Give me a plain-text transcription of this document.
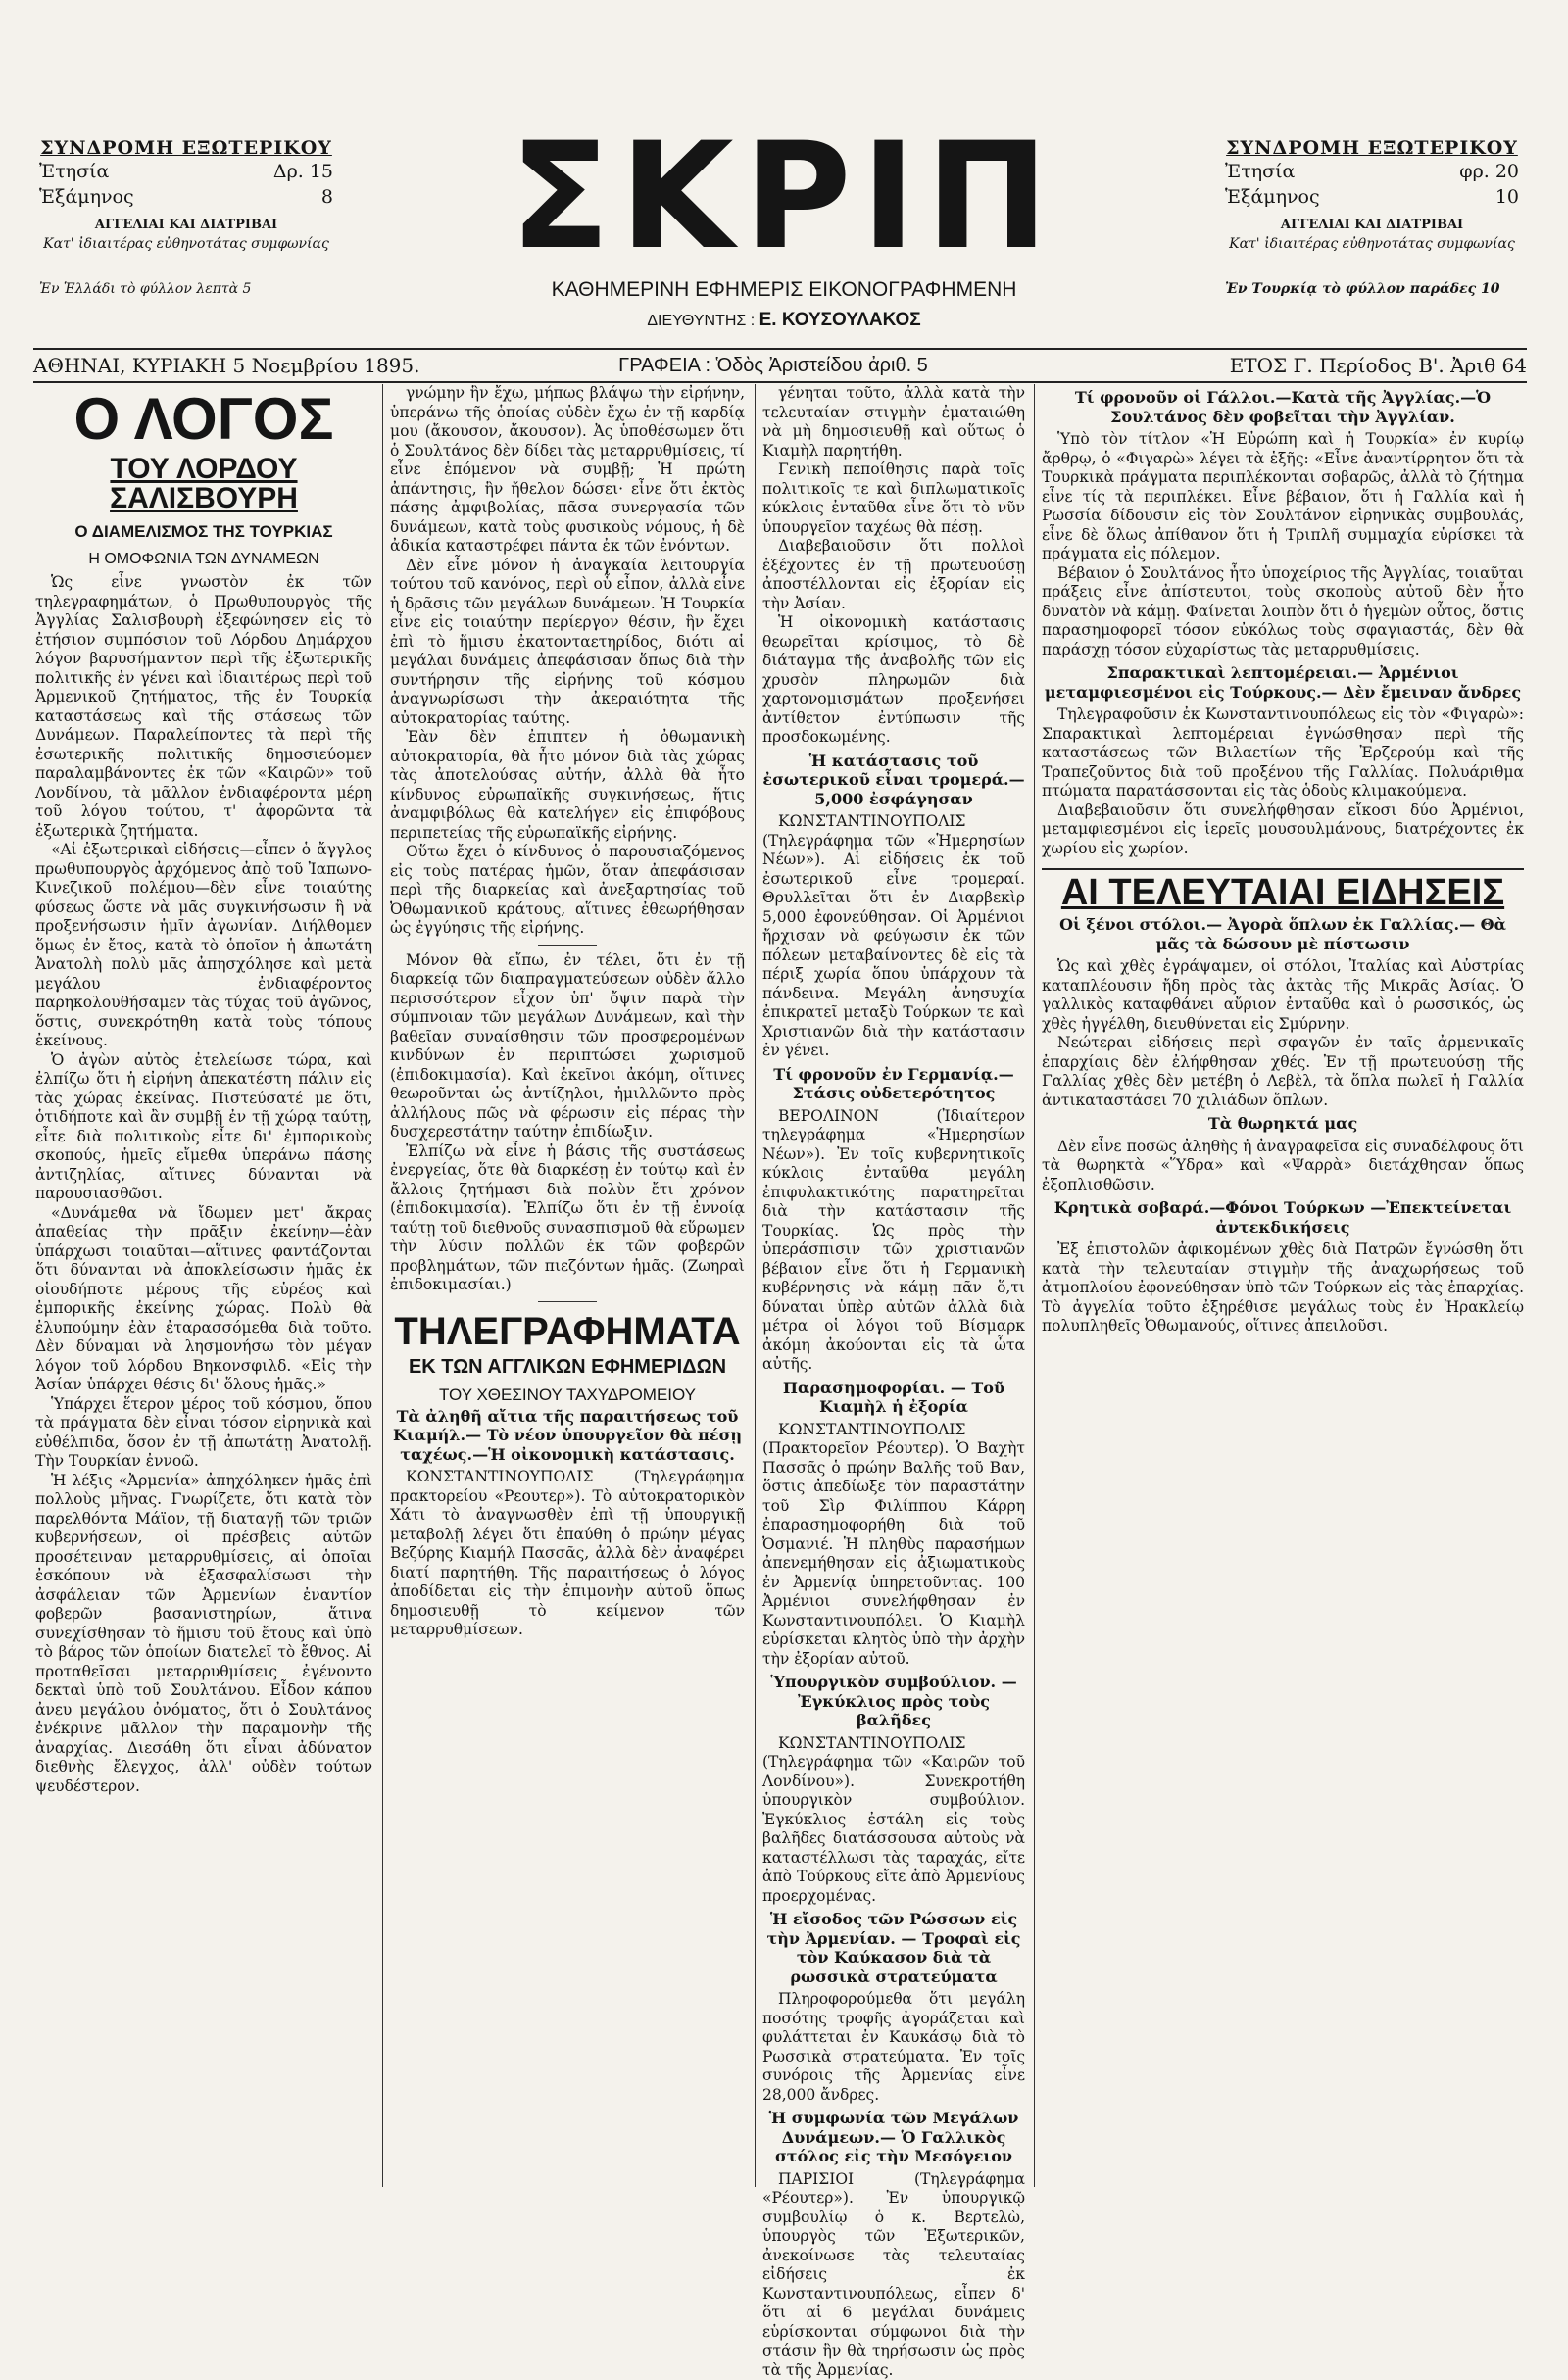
ΣΥΝΔΡΟΜΗ ΕΞΩΤΕΡΙΚΟΥ
Ἐτησία	Δρ. 15
Ἑξάμηνος	8
ΑΓΓΕΛΙΑΙ ΚΑΙ ΔΙΑΤΡΙΒΑΙ
Κατ' ἰδιαιτέρας εὐθηνοτάτας συμφωνίας
Ἐν Ἑλλάδι τὸ φύλλον λεπτὰ 5
ΣΚΡΙΠ
ΚΑΘΗΜΕΡΙΝΗ ΕΦΗΜΕΡΙΣ ΕΙΚΟΝΟΓΡΑΦΗΜΕΝΗ
ΔΙΕΥΘΥΝΤΗΣ : Ε. ΚΟΥΣΟΥΛΑΚΟΣ
ΣΥΝΔΡΟΜΗ ΕΞΩΤΕΡΙΚΟΥ
Ἐτησία	φρ. 20
Ἑξάμηνος	10
ΑΓΓΕΛΙΑΙ ΚΑΙ ΔΙΑΤΡΙΒΑΙ
Κατ' ἰδιαιτέρας εὐθηνοτάτας συμφωνίας
Ἐν Τουρκίᾳ τὸ φύλλον παράδες 10
ΑΘΗΝΑΙ, ΚΥΡΙΑΚΗ 5 Νοεμβρίου 1895.	ΓΡΑΦΕΙΑ : Ὁδὸς Ἀριστείδου ἀριθ. 5	ΕΤΟΣ Γ. Περίοδος Β'. Ἀριθ 64
Ο ΛΟΓΟΣ
ΤΟΥ ΛΟΡΔΟΥ ΣΑΛΙΣΒΟΥΡΗ
Ο ΔΙΑΜΕΛΙΣΜΟΣ ΤΗΣ ΤΟΥΡΚΙΑΣ
Η ΟΜΟΦΩΝΙΑ ΤΩΝ ΔΥΝΑΜΕΩΝ

Ὡς εἶνε γνωστὸν ἐκ τῶν τηλεγραφημάτων, ὁ Πρωθυπουργὸς τῆς Ἀγγλίας Σαλισβουρὴ ἐξεφώνησεν εἰς τὸ ἐτήσιον συμπόσιον τοῦ Λόρδου Δημάρχου λόγον βαρυσήμαντον περὶ τῆς ἐξωτερικῆς πολιτικῆς ἐν γένει καὶ ἰδιαιτέρως περὶ τοῦ Ἀρμενικοῦ ζητήματος, τῆς ἐν Τουρκίᾳ καταστάσεως καὶ τῆς στάσεως τῶν Δυνάμεων. Παραλείποντες τὰ περὶ τῆς ἐσωτερικῆς πολιτικῆς δημοσιεύομεν παραλαμβάνοντες ἐκ τῶν «Καιρῶν» τοῦ Λονδίνου, τὰ μᾶλλον ἐνδιαφέροντα μέρη τοῦ λόγου τούτου, τ' ἀφορῶντα τὰ ἐξωτερικὰ ζητήματα.

«Αἱ ἐξωτερικαὶ εἰδήσεις—εἶπεν ὁ ἄγγλος πρωθυπουργὸς ἀρχόμενος ἀπὸ τοῦ Ἰαπωνο-Κινεζικοῦ πολέμου—δὲν εἶνε τοιαύτης φύσεως ὥστε νὰ μᾶς συγκινήσωσιν ἢ νὰ προξενήσωσιν ἡμῖν ἀγωνίαν. Διήλθομεν ὅμως ἐν ἔτος, κατὰ τὸ ὁποῖον ἡ ἀπωτάτη Ἀνατολὴ πολὺ μᾶς ἀπησχόλησε καὶ μετὰ μεγάλου ἐνδιαφέροντος παρηκολουθήσαμεν τὰς τύχας τοῦ ἀγῶνος, ὅστις, συνεκρότηθη κατὰ τοὺς τόπους ἐκείνους.

Ὁ ἀγὼν αὐτὸς ἐτελείωσε τώρα, καὶ ἐλπίζω ὅτι ἡ εἰρήνη ἀπεκατέστη πάλιν εἰς τὰς χώρας ἐκείνας. Πιστεύσατέ με ὅτι, ὁτιδήποτε καὶ ἂν συμβῇ ἐν τῇ χώρᾳ ταύτῃ, εἶτε διὰ πολιτικοὺς εἶτε δι' ἐμπορικοὺς σκοπούς, ἡμεῖς εἴμεθα ὑπεράνω πάσης ἀντιζηλίας, αἵτινες δύνανται νὰ παρουσιασθῶσι.

«Δυνάμεθα νὰ ἴδωμεν μετ' ἄκρας ἀπαθείας τὴν πρᾶξιν ἐκείνην—ἐὰν ὑπάρχωσι τοιαῦται—αἵτινες φαντάζονται ὅτι δύνανται νὰ ἀποκλείσωσιν ἡμᾶς ἐκ οἱουδήποτε μέρους τῆς εὑρέος καὶ ἐμπορικῆς ἐκείνης χώρας. Πολὺ θὰ ἐλυπούμην ἐὰν ἐταρασσόμεθα διὰ τοῦτο. Δὲν δύναμαι νὰ λησμονήσω τὸν μέγαν λόγον τοῦ λόρδου Βηκονσφιλδ. «Εἰς τὴν Ἀσίαν ὑπάρχει θέσις δι' ὅλους ἡμᾶς.»

Ὑπάρχει ἕτερον μέρος τοῦ κόσμου, ὅπου τὰ πράγματα δὲν εἶναι τόσον εἰρηνικὰ καὶ εὐθέλπιδα, ὅσον ἐν τῇ ἀπωτάτῃ Ἀνατολῇ. Τὴν Τουρκίαν ἐννοῶ.

Ἡ λέξις «Ἀρμενία» ἀπηχόληκεν ἡμᾶς ἐπὶ πολλοὺς μῆνας. Γνωρίζετε, ὅτι κατὰ τὸν παρελθόντα Μάϊον, τῇ διαταγῇ τῶν τριῶν κυβερνήσεων, οἱ πρέσβεις αὐτῶν προσέτειναν μεταρρυθμίσεις, αἱ ὁποῖαι ἐσκόπουν νὰ ἐξασφαλίσωσι τὴν ἀσφάλειαν τῶν Ἀρμενίων ἐναντίον φοβερῶν βασανιστηρίων, ἅτινα συνεχίσθησαν τὸ ἥμισυ τοῦ ἔτους καὶ ὑπὸ τὸ βάρος τῶν ὁποίων διατελεῖ τὸ ἔθνος. Αἱ προταθεῖσαι μεταρρυθμίσεις ἐγένοντο δεκταὶ ὑπὸ τοῦ Σουλτάνου. Εἶδον κάπου ἀνευ μεγάλου ὀνόματος, ὅτι ὁ Σουλτάνος ἐνέκρινε μᾶλλον τὴν παραμονὴν τῆς ἀναρχίας. Διεσάθη ὅτι εἶναι ἀδύνατον διεθνὴς ἔλεγχος, ἀλλ' οὐδὲν τούτων ψευδέστερον.

γνώμην ἣν ἔχω, μήπως βλάψω τὴν εἰρήνην, ὑπεράνω τῆς ὁποίας οὐδὲν ἔχω ἐν τῇ καρδίᾳ μου (ἄκουσον, ἄκουσον). Ἀς ὑποθέσωμεν ὅτι ὁ Σουλτάνος δὲν δίδει τὰς μεταρρυθμίσεις, τί εἶνε ἑπόμενον νὰ συμβῇ; Ἡ πρώτη ἀπάντησις, ἣν ἤθελον δώσει· εἶνε ὅτι ἐκτὸς πάσης ἀμφιβολίας, πᾶσα συνεργασία τῶν δυνάμεων, κατὰ τοὺς φυσικοὺς νόμους, ἡ δὲ ἀδικία καταστρέφει πάντα ἐκ τῶν ἐνόντων.

Δὲν εἶνε μόνον ἡ ἀναγκαία λειτουργία τούτου τοῦ κανόνος, περὶ οὗ εἶπον, ἀλλὰ εἶνε ἡ δρᾶσις τῶν μεγάλων δυνάμεων. Ἡ Τουρκία εἶνε εἰς τοιαύτην περίεργον θέσιν, ἣν ἔχει ἐπὶ τὸ ἥμισυ ἐκατονταετηρίδος, διότι αἱ μεγάλαι δυνάμεις ἀπεφάσισαν ὅπως διὰ τὴν συντήρησιν τῆς εἰρήνης τοῦ κόσμου ἀναγνωρίσωσι τὴν ἀκεραιότητα τῆς αὐτοκρατορίας ταύτης.

Ἐὰν δὲν ἐπιπτεν ἡ ὀθωμανικὴ αὐτοκρατορία, θὰ ἦτο μόνον διὰ τὰς χώρας τὰς ἀποτελούσας αὐτήν, ἀλλὰ θὰ ἦτο κίνδυνος εὐρωπαϊκῆς συγκινήσεως, ἥτις ἀναμφιβόλως θὰ κατελήγεν εἰς ἐπιφόβους περιπετείας τῆς εὐρωπαϊκῆς εἰρήνης.

Οὕτω ἔχει ὁ κίνδυνος ὁ παρουσιαζόμενος εἰς τοὺς πατέρας ἡμῶν, ὅταν ἀπεφάσισαν περὶ τῆς διαρκείας καὶ ἀνεξαρτησίας τοῦ Ὀθωμανικοῦ κράτους, αἵτινες ἐθεωρήθησαν ὡς ἐγγύησις τῆς εἰρήνης.

Μόνον θὰ εἴπω, ἐν τέλει, ὅτι ἐν τῇ διαρκείᾳ τῶν διαπραγματεύσεων οὐδὲν ἄλλο περισσότερον εἶχον ὑπ' ὄψιν παρὰ τὴν σύμπνοιαν τῶν μεγάλων Δυνάμεων, καὶ τὴν βαθεῖαν συναίσθησιν τῶν προσφερομένων κινδύνων ἐν περιπτώσει χωρισμοῦ (ἐπιδοκιμασία). Καὶ ἐκεῖνοι ἀκόμη, οἵτινες θεωροῦνται ὡς ἀντίζηλοι, ἠμιλλῶντο πρὸς ἀλλήλους πῶς νὰ φέρωσιν εἰς πέρας τὴν δυσχερεστάτην ταύτην ἐπιδίωξιν.

Ἐλπίζω νὰ εἶνε ἡ βάσις τῆς συστάσεως ἐνεργείας, ὅτε θὰ διαρκέσῃ ἐν τούτῳ καὶ ἐν ἄλλοις ζητήμασι διὰ πολὺν ἔτι χρόνον (ἐπιδοκιμασία). Ἐλπίζω ὅτι ἐν τῇ ἐννοίᾳ ταύτῃ τοῦ διεθνοῦς συνασπισμοῦ θὰ εὕρωμεν τὴν λύσιν πολλῶν ἐκ τῶν φοβερῶν προβλημάτων, τῶν πιεζόντων ἡμᾶς. (Ζωηραὶ ἐπιδοκιμασίαι.)

ΤΗΛΕΓΡΑΦΗΜΑΤΑ
ΕΚ ΤΩΝ ΑΓΓΛΙΚΩΝ ΕΦΗΜΕΡΙΔΩΝ
ΤΟΥ ΧΘΕΣΙΝΟΥ ΤΑΧΥΔΡΟΜΕΙΟΥ
Τὰ ἀληθῆ αἴτια τῆς παραιτήσεως τοῦ Κιαμήλ.— Τὸ νέον ὑπουργεῖον θὰ πέσῃ ταχέως.—Ἡ οἰκονομικὴ κατάστασις.

ΚΩΝΣΤΑΝΤΙΝΟΥΠΟΛΙΣ (Τηλεγράφημα πρακτορείου «Ρεουτερ»). Τὸ αὐτοκρατορικὸν Χάτι τὸ ἀναγνωσθὲν ἐπὶ τῇ ὑπουργικῇ μεταβολῇ λέγει ὅτι ἐπαύθη ὁ πρώην μέγας Βεζύρης Κιαμήλ Πασσᾶς, ἀλλὰ δὲν ἀναφέρει διατί παρητήθη. Τῆς παραιτήσεως ὁ λόγος ἀποδίδεται εἰς τὴν ἐπιμονὴν αὐτοῦ ὅπως δημοσιευθῇ τὸ κείμενον τῶν μεταρρυθμίσεων.

γένηται τοῦτο, ἀλλὰ κατὰ τὴν τελευταίαν στιγμὴν ἐματαιώθη νὰ μὴ δημοσιευθῇ καὶ οὕτως ὁ Κιαμὴλ παρητήθη.

Γενικὴ πεποίθησις παρὰ τοῖς πολιτικοῖς τε καὶ διπλωματικοῖς κύκλοις ἐνταῦθα εἶνε ὅτι τὸ νῦν ὑπουργεῖον ταχέως θὰ πέσῃ.

Διαβεβαιοῦσιν ὅτι πολλοὶ ἐξέχοντες ἐν τῇ πρωτευούσῃ ἀποστέλλονται εἰς ἐξορίαν εἰς τὴν Ἀσίαν.

Ἡ οἰκονομικὴ κατάστασις θεωρεῖται κρίσιμος, τὸ δὲ διάταγμα τῆς ἀναβολῆς τῶν εἰς χρυσὸν πληρωμῶν διὰ χαρτονομισμάτων προξενήσει ἀντίθετον ἐντύπωσιν τῆς προσδοκωμένης.

Ἡ κατάστασις τοῦ ἐσωτερικοῦ εἶναι τρομερά.— 5,000 ἐσφάγησαν

ΚΩΝΣΤΑΝΤΙΝΟΥΠΟΛΙΣ (Τηλεγράφημα τῶν «Ἡμερησίων Νέων»). Αἱ εἰδήσεις ἐκ τοῦ ἐσωτερικοῦ εἶνε τρομεραί. Θρυλλεῖται ὅτι ἐν Διαρβεκὶρ 5,000 ἐφονεύθησαν. Οἱ Ἀρμένιοι ἤρχισαν νὰ φεύγωσιν ἐκ τῶν πόλεων μεταβαίνοντες δὲ εἰς τὰ πέριξ χωρία ὅπου ὑπάρχουν τὰ πάνδεινα. Μεγάλη ἀνησυχία ἐπικρατεῖ μεταξὺ Τούρκων τε καὶ Χριστιανῶν διὰ τὴν κατάστασιν ἐν γένει.

Τί φρονοῦν ἐν Γερμανίᾳ.—Στάσις οὐδετερότητος

ΒΕΡΟΛΙΝΟΝ (Ἰδιαίτερον τηλεγράφημα «Ἡμερησίων Νέων»). Ἐν τοῖς κυβερνητικοῖς κύκλοις ἐνταῦθα μεγάλη ἐπιφυλακτικότης παρατηρεῖται διὰ τὴν κατάστασιν τῆς Τουρκίας. Ὡς πρὸς τὴν ὑπεράσπισιν τῶν χριστιανῶν βέβαιον εἶνε ὅτι ἡ Γερμανικὴ κυβέρνησις νὰ κάμῃ πᾶν ὅ,τι δύναται ὑπὲρ αὐτῶν ἀλλὰ διὰ μέτρα οἱ λόγοι τοῦ Βίσμαρκ ἀκόμη ἀκούονται εἰς τὰ ὦτα αὐτῆς.

Παρασημοφορίαι. — Τοῦ Κιαμὴλ ἡ ἐξορία

ΚΩΝΣΤΑΝΤΙΝΟΥΠΟΛΙΣ (Πρακτορεῖον Ρέουτερ). Ὁ Βαχὴτ Πασσᾶς ὁ πρώην Βαλῆς τοῦ Βαν, ὅστις ἀπεδίωξε τὸν παραστάτην τοῦ Σὶρ Φιλίππου Κάρρη ἐπαρασημοφορήθη διὰ τοῦ Ὀσμανιέ. Ἡ πληθὺς παρασήμων ἀπενεμήθησαν εἰς ἀξιωματικοὺς ἐν Ἀρμενίᾳ ὑπηρετοῦντας. 100 Ἀρμένιοι συνελήφθησαν ἐν Κωνσταντινουπόλει. Ὁ Κιαμὴλ εὑρίσκεται κλητὸς ὑπὸ τὴν ἀρχὴν τὴν ἐξορίαν αὐτοῦ.

Ὑπουργικὸν συμβούλιον. — Ἐγκύκλιος πρὸς τοὺς βαλῆδες

ΚΩΝΣΤΑΝΤΙΝΟΥΠΟΛΙΣ (Τηλεγράφημα τῶν «Καιρῶν τοῦ Λονδίνου»). Συνεκροτήθη ὑπουργικὸν συμβούλιον. Ἐγκύκλιος ἐστάλη εἰς τοὺς βαλῆδες διατάσσουσα αὐτοὺς νὰ καταστέλλωσι τὰς ταραχάς, εἴτε ἀπὸ Τούρκους εἴτε ἀπὸ Ἀρμενίους προερχομένας.

Ἡ εἴσοδος τῶν Ρώσσων εἰς τὴν Ἀρμενίαν. — Τροφαὶ εἰς τὸν Καύκασον διὰ τὰ ρωσσικὰ στρατεύματα

Πληροφορούμεθα ὅτι μεγάλη ποσότης τροφῆς ἀγοράζεται καὶ φυλάττεται ἐν Καυκάσῳ διὰ τὸ Ρωσσικὰ στρατεύματα. Ἐν τοῖς συνόροις τῆς Ἀρμενίας εἶνε 28,000 ἄνδρες.

Ἡ συμφωνία τῶν Μεγάλων Δυνάμεων.— Ὁ Γαλλικὸς στόλος εἰς τὴν Μεσόγειον

ΠΑΡΙΣΙΟΙ (Τηλεγράφημα «Ρέουτερ»). Ἐν ὑπουργικῷ συμβουλίῳ ὁ κ. Βερτελὼ, ὑπουργὸς τῶν Ἐξωτερικῶν, ἀνεκοίνωσε τὰς τελευταίας εἰδήσεις ἐκ Κωνσταντινουπόλεως, εἶπεν δ' ὅτι αἱ 6 μεγάλαι δυνάμεις εὑρίσκονται σύμφωνοι διὰ τὴν στάσιν ἣν θὰ τηρήσωσιν ὡς πρὸς τὰ τῆς Ἀρμενίας.

Τί φρονοῦν οἱ Γάλλοι.—Κατὰ τῆς Ἀγγλίας.—Ὁ Σουλτάνος δὲν φοβεῖται τὴν Ἀγγλίαν.

Ὑπὸ τὸν τίτλον «Ἡ Εὐρώπη καὶ ἡ Τουρκία» ἐν κυρίῳ ἄρθρῳ, ὁ «Φιγαρὼ» λέγει τὰ ἑξῆς: «Εἶνε ἀναντίρρητον ὅτι τὰ Τουρκικὰ πράγματα περιπλέκονται σοβαρῶς, ἀλλὰ τὸ ζήτημα εἶνε τίς τὰ περιπλέκει. Εἶνε βέβαιον, ὅτι ἡ Γαλλία καὶ ἡ Ρωσσία δίδουσιν εἰς τὸν Σουλτάνον εἰρηνικὰς συμβουλάς, εἶνε δὲ ὅλως ἀπίθανον ὅτι ἡ Τριπλῆ συμμαχία εὑρίσκει τὰ πράγματα εἰς πόλεμον.

Βέβαιον ὁ Σουλτάνος ἦτο ὑποχείριος τῆς Ἀγγλίας, τοιαῦται πράξεις εἶνε ἀπίστευτοι, τοὺς σκοποὺς αὐτοῦ δὲν ἦτο δυνατὸν νὰ κάμῃ. Φαίνεται λοιπὸν ὅτι ὁ ἡγεμὼν οὗτος, ὅστις παρασημοφορεῖ τόσον εὐκόλως τοὺς σφαγιαστάς, δὲν θὰ παράσχῃ τόσον εὐχαρίστως τὰς μεταρρυθμίσεις.

Σπαρακτικαὶ λεπτομέρειαι.— Ἀρμένιοι μεταμφιεσμένοι εἰς Τούρκους.— Δὲν ἔμειναν ἄνδρες

Τηλεγραφοῦσιν ἐκ Κωνσταντινουπόλεως εἰς τὸν «Φιγαρὼ»: Σπαρακτικαὶ λεπτομέρειαι ἐγνώσθησαν περὶ τῆς καταστάσεως τῶν Βιλαετίων τῆς Ἐρζερούμ καὶ τῆς Τραπεζοῦντος διὰ τοῦ προξένου τῆς Γαλλίας. Πολυάριθμα πτώματα παρατάσσονται εἰς τὰς ὁδοὺς κλιμακούμενα.

Διαβεβαιοῦσιν ὅτι συνελήφθησαν εἴκοσι δύο Ἀρμένιοι, μεταμφιεσμένοι εἰς ἱερεῖς μουσουλμάνους, διατρέχοντες ἐκ χωρίου εἰς χωρίον.

ΑΙ ΤΕΛΕΥΤΑΙΑΙ ΕΙΔΗΣΕΙΣ
Οἱ ξένοι στόλοι.— Ἀγορὰ ὅπλων ἐκ Γαλλίας.— Θὰ μᾶς τὰ δώσουν μὲ πίστωσιν

Ὡς καὶ χθὲς ἐγράψαμεν, οἱ στόλοι, Ἰταλίας καὶ Αὐστρίας καταπλέουσιν ἤδη πρὸς τὰς ἀκτὰς τῆς Μικρᾶς Ἀσίας. Ὁ γαλλικὸς καταφθάνει αὔριον ἐνταῦθα καὶ ὁ ρωσσικός, ὡς χθὲς ἠγγέλθη, διευθύνεται εἰς Σμύρνην.

Νεώτεραι εἰδήσεις περὶ σφαγῶν ἐν ταῖς ἀρμενικαῖς ἐπαρχίαις δὲν ἐλήφθησαν χθές. Ἐν τῇ πρωτευούσῃ τῆς Γαλλίας χθὲς δὲν μετέβη ὁ Λεβὲλ, τὰ ὅπλα πωλεῖ ἡ Γαλλία ἀντικαταστάσει 70 χιλιάδων ὅπλων.

Τὰ θωρηκτά μας

Δὲν εἶνε ποσῶς ἀληθὴς ἡ ἀναγραφεῖσα εἰς συναδέλφους ὅτι τὰ θωρηκτὰ «Ὕδρα» καὶ «Ψαρρὰ» διετάχθησαν ὅπως ἐξοπλισθῶσιν.

Κρητικὰ σοβαρά.—Φόνοι Τούρκων —Ἐπεκτείνεται ἀντεκδικήσεις

Ἐξ ἐπιστολῶν ἀφικομένων χθὲς διὰ Πατρῶν ἔγνώσθη ὅτι κατὰ τὴν τελευταίαν στιγμὴν τῆς ἀναχωρήσεως τοῦ ἀτμοπλοίου ἐφονεύθησαν ὑπὸ τῶν Τούρκων εἰς τὰς ἐπαρχίας. Τὸ ἀγγελία τοῦτο ἐξηρέθισε μεγάλως τοὺς ἐν Ἡρακλείῳ πολυπληθεῖς Ὀθωμανούς, οἵτινες ἀπειλοῦσι.
